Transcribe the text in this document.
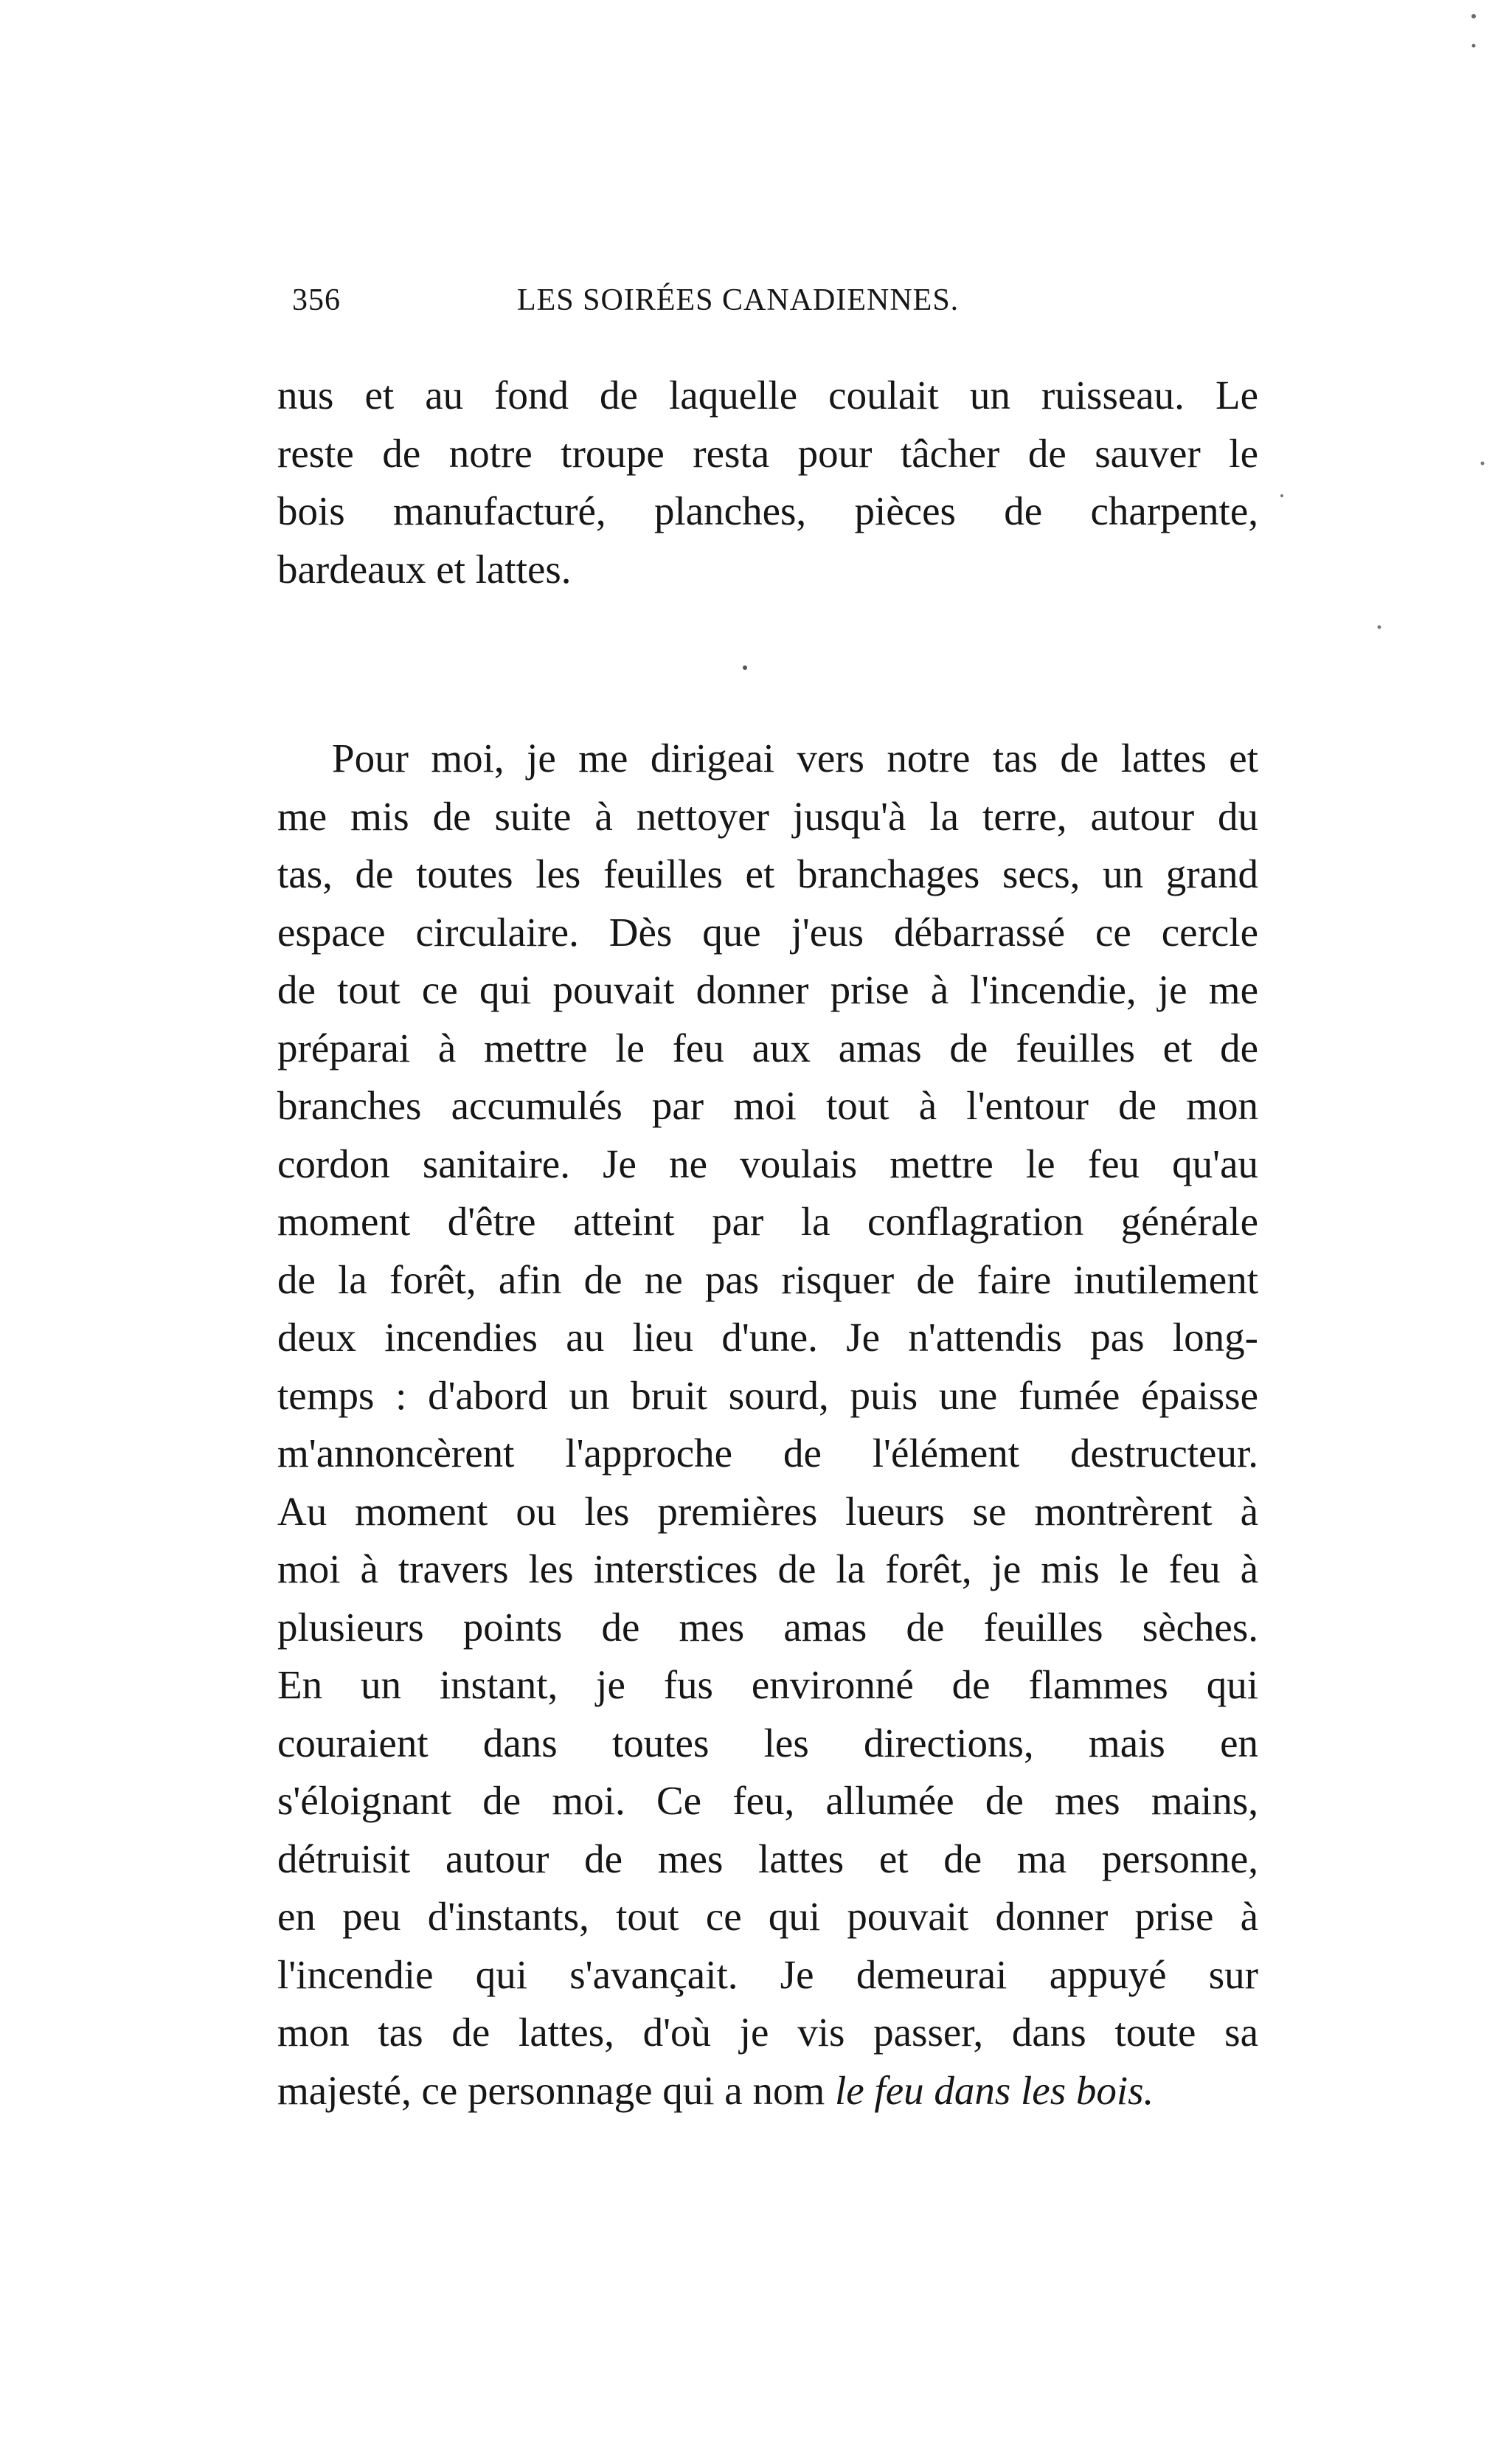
356	LES SOIRÉES CANADIENNES.
nus et au fond de laquelle coulait un ruisseau. Le
reste de notre troupe resta pour tâcher de sauver le
bois manufacturé, planches, pièces de charpente,
bardeaux et lattes.
Pour moi, je me dirigeai vers notre tas de lattes et
me mis de suite à nettoyer jusqu'à la terre, autour du
tas, de toutes les feuilles et branchages secs, un grand
espace circulaire. Dès que j'eus débarrassé ce cercle
de tout ce qui pouvait donner prise à l'incendie, je me
préparai à mettre le feu aux amas de feuilles et de
branches accumulés par moi tout à l'entour de mon
cordon sanitaire. Je ne voulais mettre le feu qu'au
moment d'être atteint par la conflagration générale
de la forêt, afin de ne pas risquer de faire inutilement
deux incendies au lieu d'une. Je n'attendis pas long-
temps : d'abord un bruit sourd, puis une fumée épaisse
m'annoncèrent l'approche de l'élément destructeur.
Au moment ou les premières lueurs se montrèrent à
moi à travers les interstices de la forêt, je mis le feu à
plusieurs points de mes amas de feuilles sèches.
En un instant, je fus environné de flammes qui
couraient dans toutes les directions, mais en
s'éloignant de moi. Ce feu, allumée de mes mains,
détruisit autour de mes lattes et de ma personne,
en peu d'instants, tout ce qui pouvait donner prise à
l'incendie qui s'avançait. Je demeurai appuyé sur
mon tas de lattes, d'où je vis passer, dans toute sa
majesté, ce personnage qui a nom le feu dans les bois.
